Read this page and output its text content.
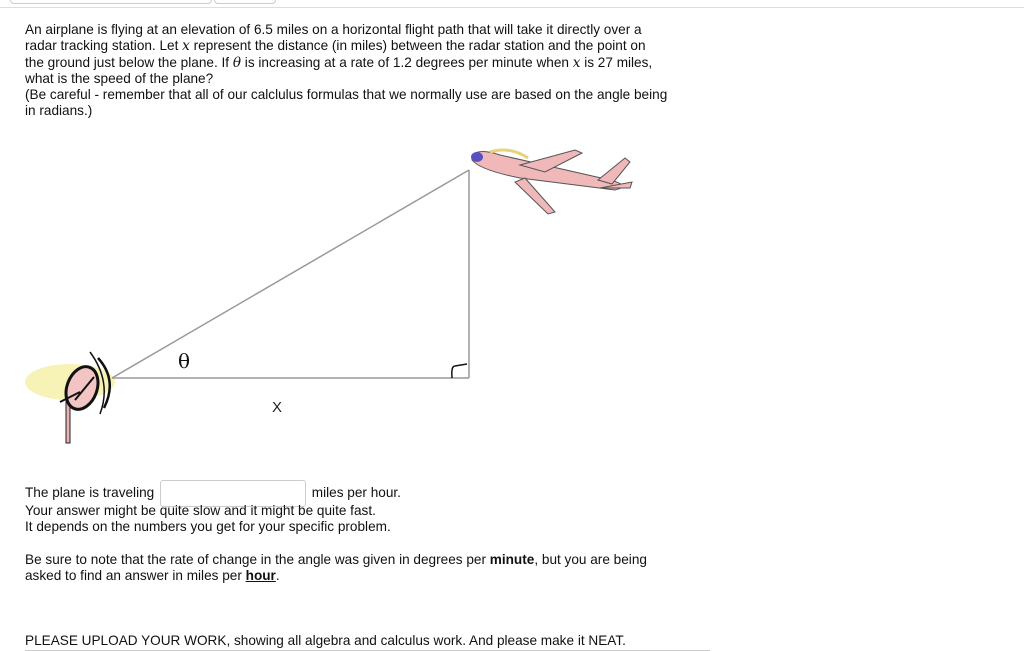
An airplane is flying at an elevation of 6.5 miles on a horizontal flight path that will take it directly over a
radar tracking station. Let x represent the distance (in miles) between the radar station and the point on
the ground just below the plane. If θ is increasing at a rate of 1.2 degrees per minute when x is 27 miles,
what is the speed of the plane?
(Be careful - remember that all of our calclulus formulas that we normally use are based on the angle being
in radians.)
θ
X
The plane is traveling	miles per hour.
Your answer might be quite slow and it might be quite fast.
It depends on the numbers you get for your specific problem.
Be sure to note that the rate of change in the angle was given in degrees per minute, but you are being
asked to find an answer in miles per hour.
PLEASE UPLOAD YOUR WORK, showing all algebra and calculus work. And please make it NEAT.
